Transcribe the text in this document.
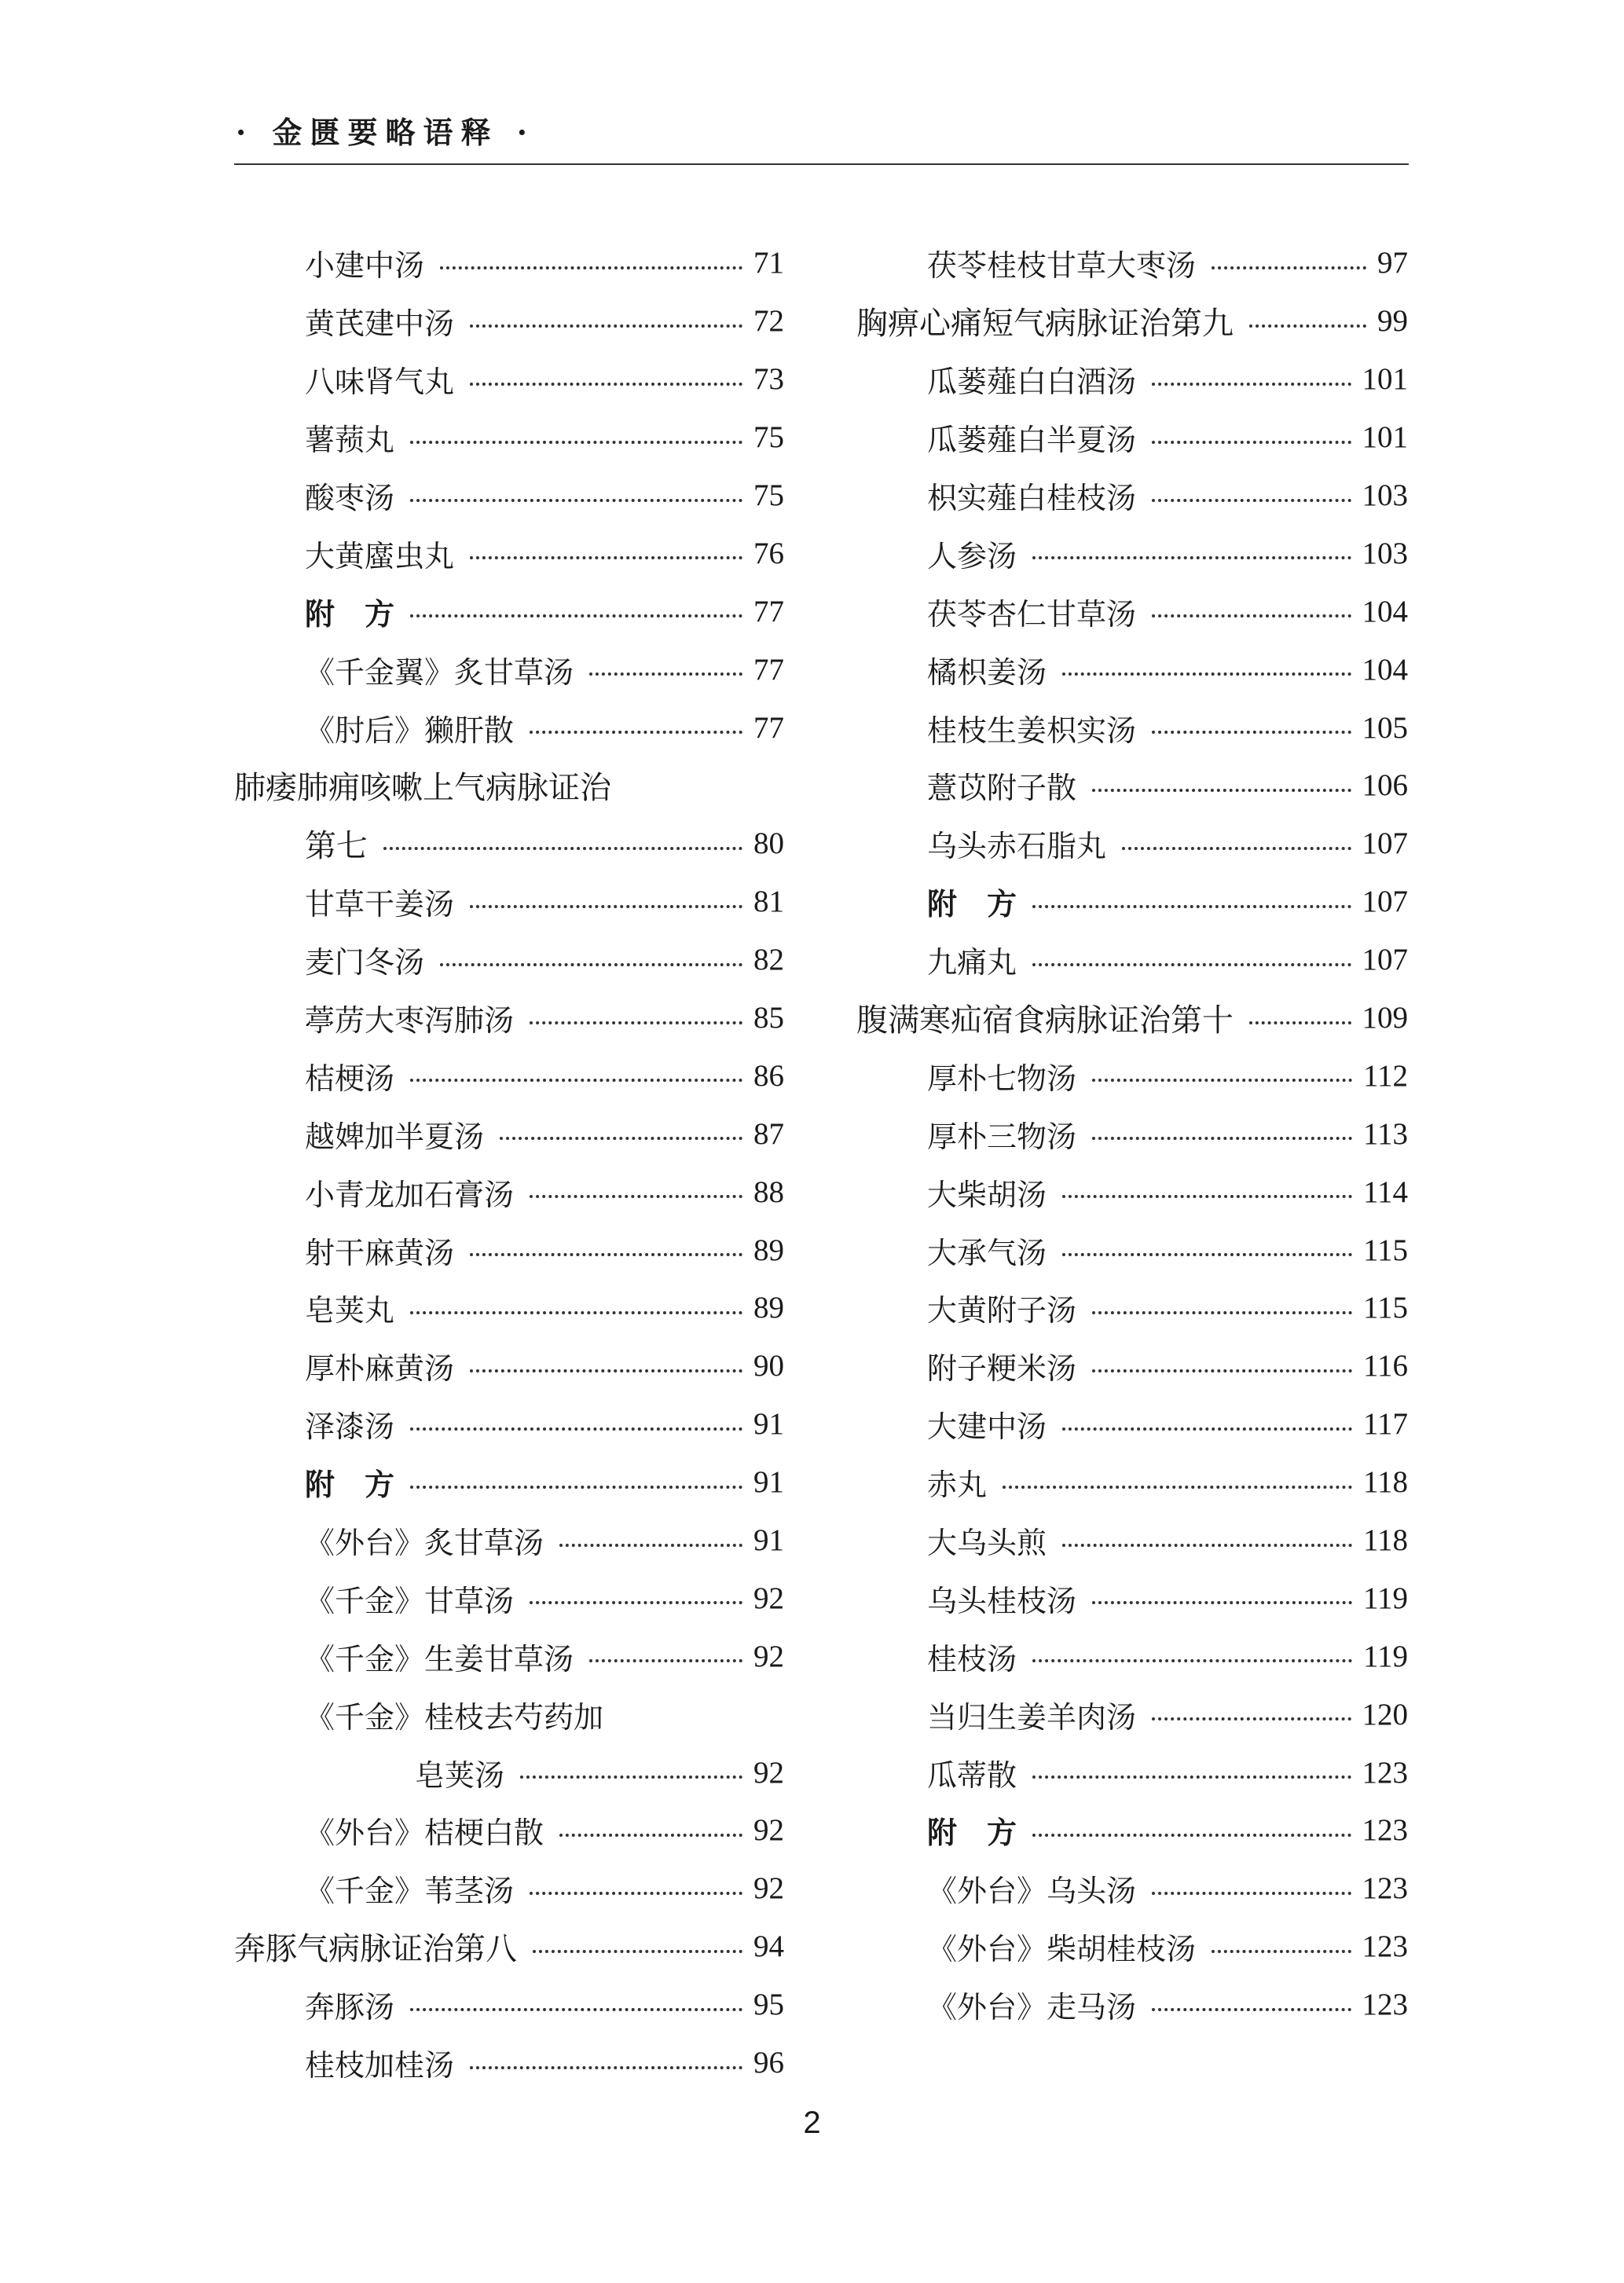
· 金匮要略语释 ·
小建中汤	71
黄芪建中汤	72
八味肾气丸	73
薯蓣丸	75
酸枣汤	75
大黄䗪虫丸	76
附　方	77
《千金翼》炙甘草汤	77
《肘后》獭肝散	77
肺痿肺痈咳嗽上气病脉证治
第七	80
甘草干姜汤	81
麦门冬汤	82
葶苈大枣泻肺汤	85
桔梗汤	86
越婢加半夏汤	87
小青龙加石膏汤	88
射干麻黄汤	89
皂荚丸	89
厚朴麻黄汤	90
泽漆汤	91
附　方	91
《外台》炙甘草汤	91
《千金》甘草汤	92
《千金》生姜甘草汤	92
《千金》桂枝去芍药加
皂荚汤	92
《外台》桔梗白散	92
《千金》苇茎汤	92
奔豚气病脉证治第八	94
奔豚汤	95
桂枝加桂汤	96
茯苓桂枝甘草大枣汤	97
胸痹心痛短气病脉证治第九	99
瓜蒌薤白白酒汤	101
瓜蒌薤白半夏汤	101
枳实薤白桂枝汤	103
人参汤	103
茯苓杏仁甘草汤	104
橘枳姜汤	104
桂枝生姜枳实汤	105
薏苡附子散	106
乌头赤石脂丸	107
附　方	107
九痛丸	107
腹满寒疝宿食病脉证治第十	109
厚朴七物汤	112
厚朴三物汤	113
大柴胡汤	114
大承气汤	115
大黄附子汤	115
附子粳米汤	116
大建中汤	117
赤丸	118
大乌头煎	118
乌头桂枝汤	119
桂枝汤	119
当归生姜羊肉汤	120
瓜蒂散	123
附　方	123
《外台》乌头汤	123
《外台》柴胡桂枝汤	123
《外台》走马汤	123
2
